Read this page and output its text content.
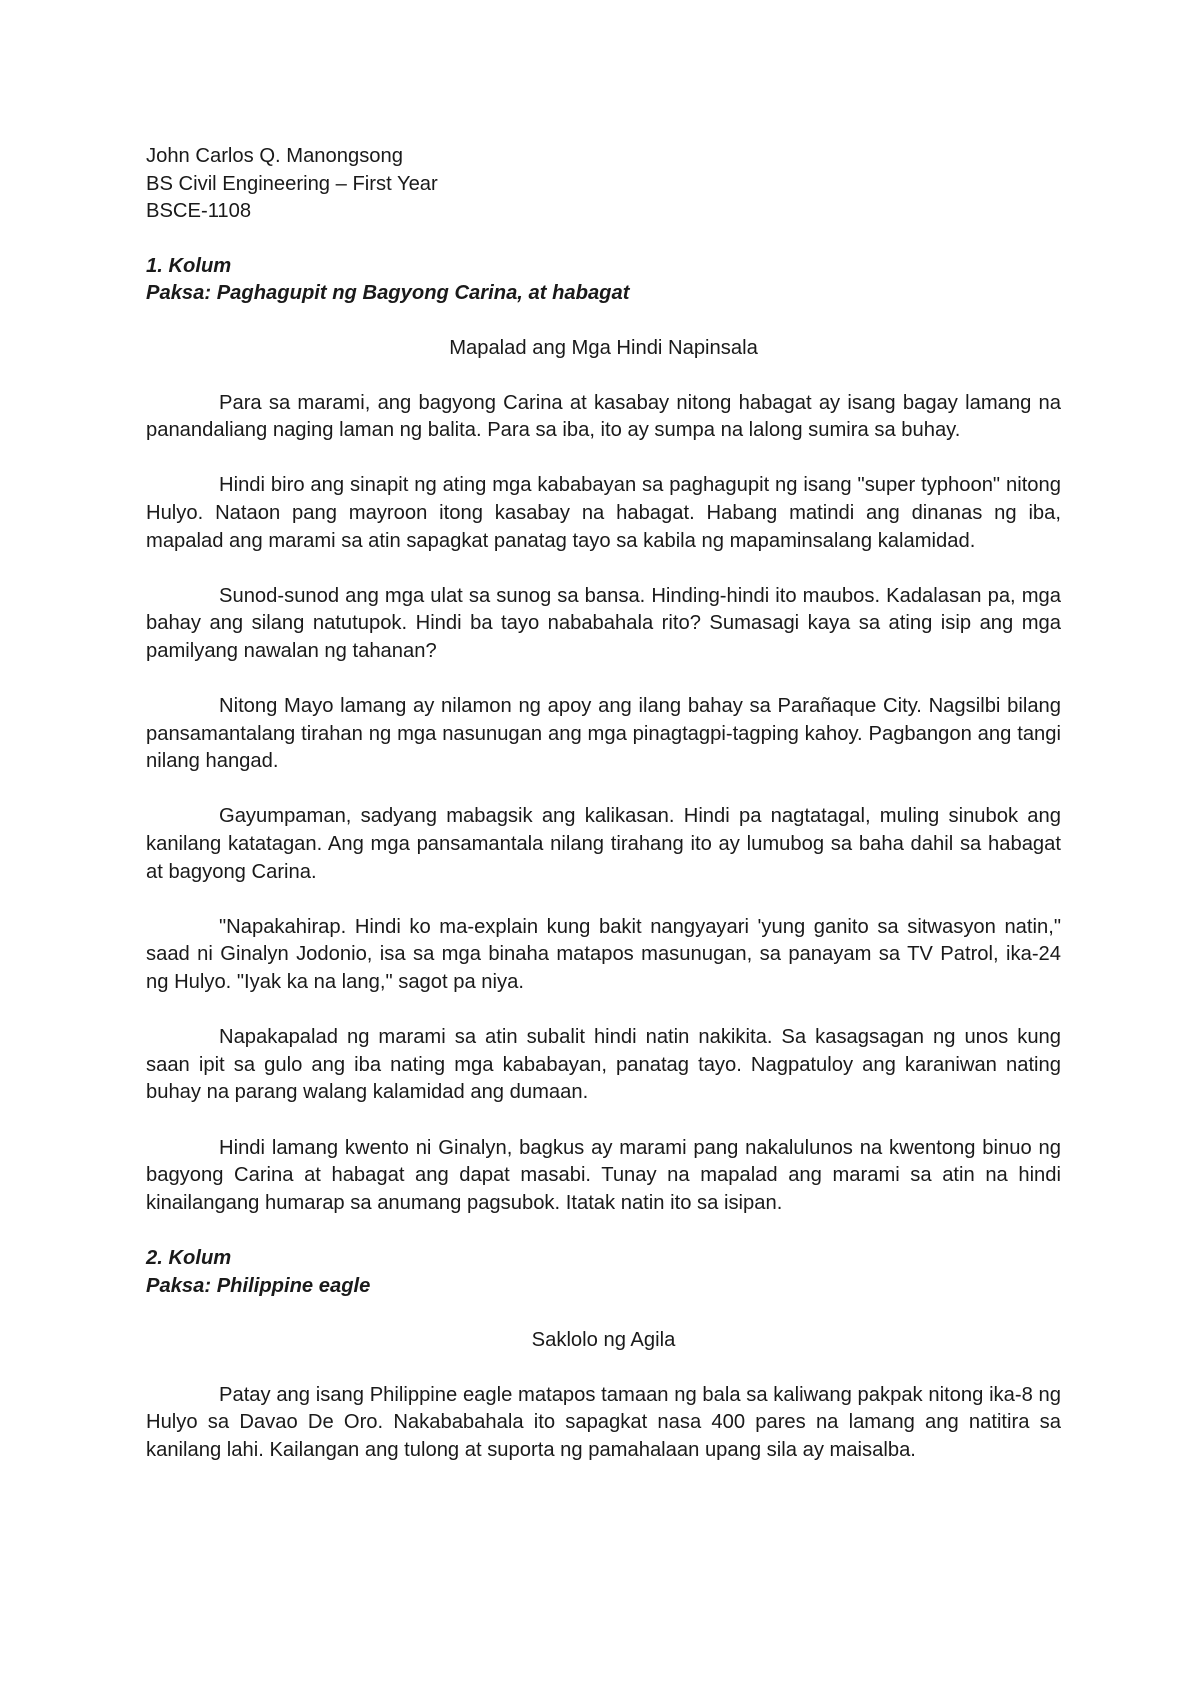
John Carlos Q. Manongsong

BS Civil Engineering – First Year

BSCE-1108

1. Kolum

Paksa: Paghagupit ng Bagyong Carina, at habagat

Mapalad ang Mga Hindi Napinsala

Para sa marami, ang bagyong Carina at kasabay nitong habagat ay isang bagay lamang na panandaliang naging laman ng balita. Para sa iba, ito ay sumpa na lalong sumira sa buhay.

Hindi biro ang sinapit ng ating mga kababayan sa paghagupit ng isang "super typhoon" nitong Hulyo. Nataon pang mayroon itong kasabay na habagat. Habang matindi ang dinanas ng iba, mapalad ang marami sa atin sapagkat panatag tayo sa kabila ng mapaminsalang kalamidad.

Sunod-sunod ang mga ulat sa sunog sa bansa. Hinding-hindi ito maubos. Kadalasan pa, mga bahay ang silang natutupok. Hindi ba tayo nababahala rito? Sumasagi kaya sa ating isip ang mga pamilyang nawalan ng tahanan?

Nitong Mayo lamang ay nilamon ng apoy ang ilang bahay sa Parañaque City. Nagsilbi bilang pansamantalang tirahan ng mga nasunugan ang mga pinagtagpi-tagping kahoy. Pagbangon ang tangi nilang hangad.

Gayumpaman, sadyang mabagsik ang kalikasan. Hindi pa nagtatagal, muling sinubok ang kanilang katatagan. Ang mga pansamantala nilang tirahang ito ay lumubog sa baha dahil sa habagat at bagyong Carina.

"Napakahirap. Hindi ko ma-explain kung bakit nangyayari 'yung ganito sa sitwasyon natin," saad ni Ginalyn Jodonio, isa sa mga binaha matapos masunugan, sa panayam sa TV Patrol, ika-24 ng Hulyo. "Iyak ka na lang," sagot pa niya.

Napakapalad ng marami sa atin subalit hindi natin nakikita. Sa kasagsagan ng unos kung saan ipit sa gulo ang iba nating mga kababayan, panatag tayo. Nagpatuloy ang karaniwan nating buhay na parang walang kalamidad ang dumaan.

Hindi lamang kwento ni Ginalyn, bagkus ay marami pang nakalulunos na kwentong binuo ng bagyong Carina at habagat ang dapat masabi. Tunay na mapalad ang marami sa atin na hindi kinailangang humarap sa anumang pagsubok. Itatak natin ito sa isipan.

2. Kolum

Paksa: Philippine eagle

Saklolo ng Agila

Patay ang isang Philippine eagle matapos tamaan ng bala sa kaliwang pakpak nitong ika-8 ng Hulyo sa Davao De Oro. Nakababahala ito sapagkat nasa 400 pares na lamang ang natitira sa kanilang lahi. Kailangan ang tulong at suporta ng pamahalaan upang sila ay maisalba.
